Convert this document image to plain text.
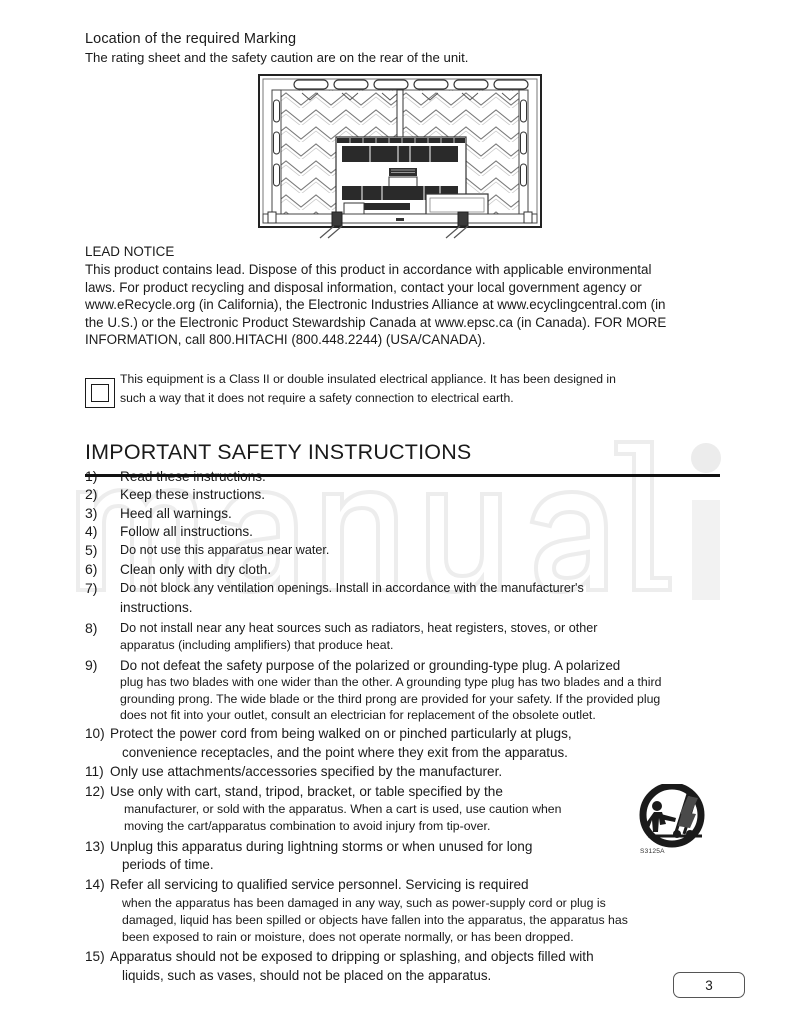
Location of the required Marking
The rating sheet and the safety caution are on the rear of the unit.
LEAD NOTICE
This product contains lead. Dispose of this product in accordance with applicable environmental laws. For product recycling and disposal information, contact your local government agency or www.eRecycle.org (in California), the Electronic Industries Alliance at www.ecyclingcentral.com (in the U.S.) or the Electronic Product Stewardship Canada at www.epsc.ca (in Canada). FOR MORE INFORMATION, call 800.HITACHI (800.448.2244) (USA/CANADA).
This equipment is a Class II or double insulated electrical appliance. It has been designed in such a way that it does not require a safety connection to electrical earth.
IMPORTANT SAFETY INSTRUCTIONS
2)	Keep these instructions.
3)	Heed all warnings.
4)	Follow all instructions.
5)	Do not use this apparatus near water.
6)	Clean only with dry cloth.
7)	Do not block any ventilation openings. Install in accordance with the manufacturer's
instructions.
8)	Do not install near any heat sources such as radiators, heat registers, stoves, or other
apparatus (including amplifiers) that produce heat.
9)	Do not defeat the safety purpose of the polarized or grounding-type plug. A polarized
plug has two blades with one wider than the other. A grounding type plug has two blades and a third grounding prong. The wide blade or the third prong are provided for your safety. If the provided plug does not fit into your outlet, consult an electrician for replacement of the obsolete outlet.
10) Protect the power cord from being walked on or pinched particularly at plugs,
convenience receptacles, and the point where they exit from the apparatus.
11) Only use attachments/accessories specified by the manufacturer.
12) Use only with cart, stand, tripod, bracket, or table specified by the
manufacturer, or sold with the apparatus. When a cart is used, use caution when moving the cart/apparatus combination to avoid injury from tip-over.
13) Unplug this apparatus during lightning storms or when unused for long
periods of time.
14) Refer all servicing to qualified service personnel. Servicing is required
when the apparatus has been damaged in any way, such as power-supply cord or plug is damaged, liquid has been spilled or objects have fallen into the apparatus, the apparatus has been exposed to rain or moisture, does not operate normally, or has been dropped.
15) Apparatus should not be exposed to dripping or splashing, and objects filled with
liquids, such as vases, should not be placed on the apparatus.
S3125A
3
